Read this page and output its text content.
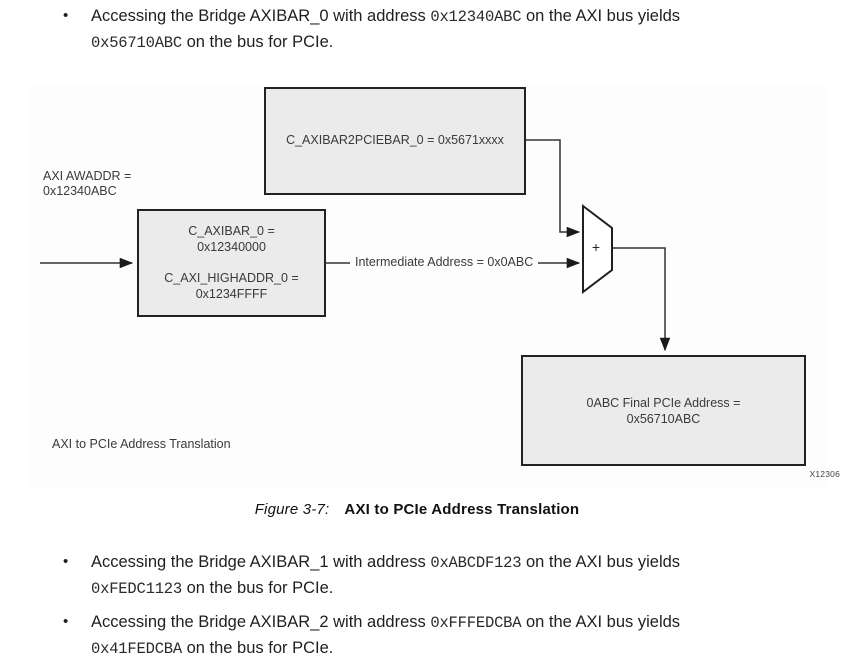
• Accessing the Bridge AXIBAR_0 with address 0x12340ABC on the AXI bus yields
0x56710ABC on the bus for PCIe.
C_AXIBAR2PCIEBAR_0 = 0x5671xxxx
AXI AWADDR =
0x12340ABC
C_AXIBAR_0 =
0x12340000
C_AXI_HIGHADDR_0 =
0x1234FFFF
Intermediate Address = 0x0ABC
+
0ABC Final PCIe Address =
0x56710ABC
AXI to PCIe Address Translation
X12306
Figure 3-7: AXI to PCIe Address Translation
• Accessing the Bridge AXIBAR_1 with address 0xABCDF123 on the AXI bus yields
0xFEDC1123 on the bus for PCIe.
• Accessing the Bridge AXIBAR_2 with address 0xFFFEDCBA on the AXI bus yields
0x41FEDCBA on the bus for PCIe.
